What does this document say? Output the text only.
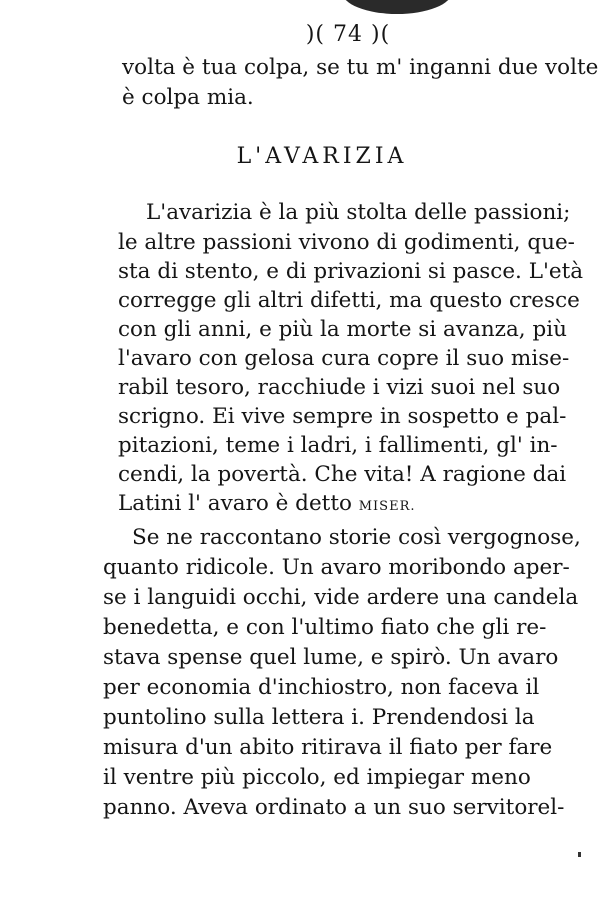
)( 74 )(
volta è tua colpa, se tu m' inganni due volte
è colpa mia.
L'AVARIZIA
L'avarizia è la più stolta delle passioni;
le altre passioni vivono di godimenti, que-
sta di stento, e di privazioni si pasce. L'età
corregge gli altri difetti, ma questo cresce
con gli anni, e più la morte si avanza, più
l'avaro con gelosa cura copre il suo mise-
rabil tesoro, racchiude i vizi suoi nel suo
scrigno. Ei vive sempre in sospetto e pal-
pitazioni, teme i ladri, i fallimenti, gl' in-
cendi, la povertà. Che vita! A ragione dai
Latini l' avaro è detto MISER.
Se ne raccontano storie così vergognose,
quanto ridicole. Un avaro moribondo aper-
se i languidi occhi, vide ardere una candela
benedetta, e con l'ultimo fiato che gli re-
stava spense quel lume, e spirò. Un avaro
per economia d'inchiostro, non faceva il
puntolino sulla lettera i. Prendendosi la
misura d'un abito ritirava il fiato per fare
il ventre più piccolo, ed impiegar meno
panno. Aveva ordinato a un suo servitorel-
